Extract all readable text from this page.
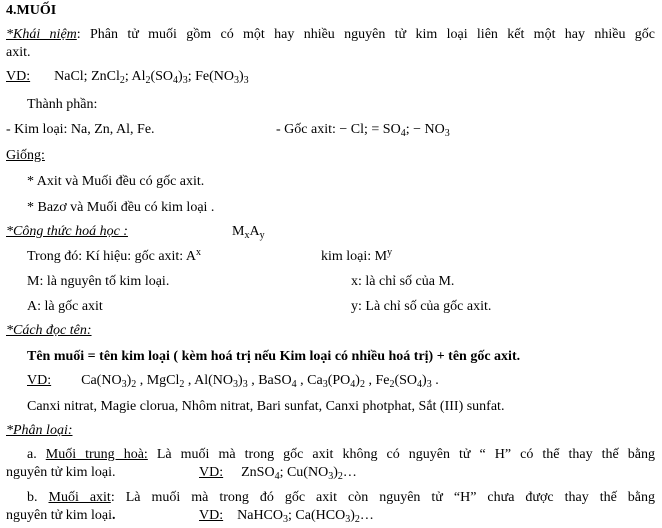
4.MUỐI
*Khái niệm: Phân tử muối gồm có một hay nhiều nguyên tử kim loại liên kết một hay nhiều gốc
axit.
VD: NaCl; ZnCl$_2$; $Al_2(SO_4)_3$; $Fe(NO_3)_3$
Thành phần:
- Kim loại: Na, Zn, Al, Fe.	- Gốc axit: − Cl; = $SO_4$; − $NO_3$
Giống:
* Axit và Muối đều có gốc axit.
* Bazơ và Muối đều có kim loại .
*Công thức hoá học :	$M_xA_y$
Trong đó: Kí hiệu: gốc axit: $A^x$	kim loại: $M^y$
M: là nguyên tố kim loại.	x: là chỉ số của M.
A: là gốc axit	y: Là chỉ số của gốc axit.
*Cách đọc tên:
Tên muối = tên kim loại ( kèm hoá trị nếu Kim loại có nhiều hoá trị) + tên gốc axit.
VD: $Ca(NO_3)_2$ , MgCl$_2$ , $Al(NO_3)_3$ , BaSO$_4$ , $Ca_3(PO_4)_2$ , $Fe_2(SO_4)_3$ .
Canxi nitrat, Magie clorua, Nhôm nitrat, Bari sunfat, Canxi photphat, Sắt (III) sunfat.
*Phân loại:
a. Muối trung hoà: Là muối mà trong gốc axit không có nguyên tử “ H” có thể thay thế bằng
nguyên tử kim loại.	VD: ZnSO$_4$; $Cu(NO_3)_2\dots$
b. Muối axit: Là muối mà trong đó gốc axit còn nguyên tử “H” chưa được thay thế bằng
nguyên tử kim loại.	VD: NaHCO$_3$; $Ca(HCO_3)_2\dots$
